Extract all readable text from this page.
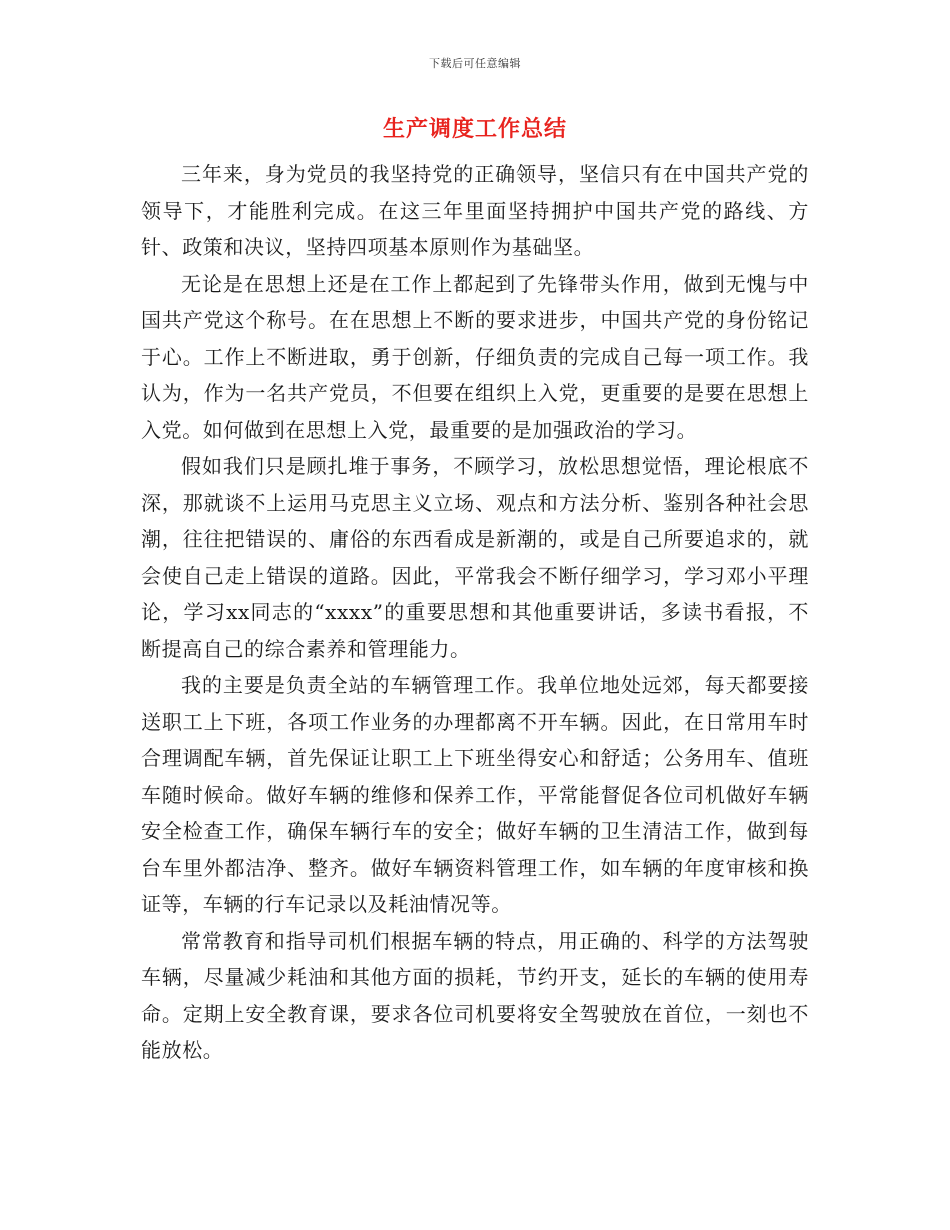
下载后可任意编辑
生产调度工作总结

三年来，身为党员的我坚持党的正确领导，坚信只有在中国共产党的领导下，才能胜利完成。在这三年里面坚持拥护中国共产党的路线、方针、政策和决议，坚持四项基本原则作为基础坚。

无论是在思想上还是在工作上都起到了先锋带头作用，做到无愧与中国共产党这个称号。在在思想上不断的要求进步，中国共产党的身份铭记于心。工作上不断进取，勇于创新，仔细负责的完成自己每一项工作。我认为，作为一名共产党员，不但要在组织上入党，更重要的是要在思想上入党。如何做到在思想上入党，最重要的是加强政治的学习。

假如我们只是顾扎堆于事务，不顾学习，放松思想觉悟，理论根底不深，那就谈不上运用马克思主义立场、观点和方法分析、鉴别各种社会思潮，往往把错误的、庸俗的东西看成是新潮的，或是自己所要追求的，就会使自己走上错误的道路。因此，平常我会不断仔细学习，学习邓小平理论，学习xx同志的“xxxx”的重要思想和其他重要讲话，多读书看报，不断提高自己的综合素养和管理能力。

我的主要是负责全站的车辆管理工作。我单位地处远郊，每天都要接送职工上下班，各项工作业务的办理都离不开车辆。因此，在日常用车时合理调配车辆，首先保证让职工上下班坐得安心和舒适；公务用车、值班车随时候命。做好车辆的维修和保养工作，平常能督促各位司机做好车辆安全检查工作，确保车辆行车的安全；做好车辆的卫生清洁工作，做到每台车里外都洁净、整齐。做好车辆资料管理工作，如车辆的年度审核和换证等，车辆的行车记录以及耗油情况等。

常常教育和指导司机们根据车辆的特点，用正确的、科学的方法驾驶车辆，尽量减少耗油和其他方面的损耗，节约开支，延长的车辆的使用寿命。定期上安全教育课，要求各位司机要将安全驾驶放在首位，一刻也不能放松。
